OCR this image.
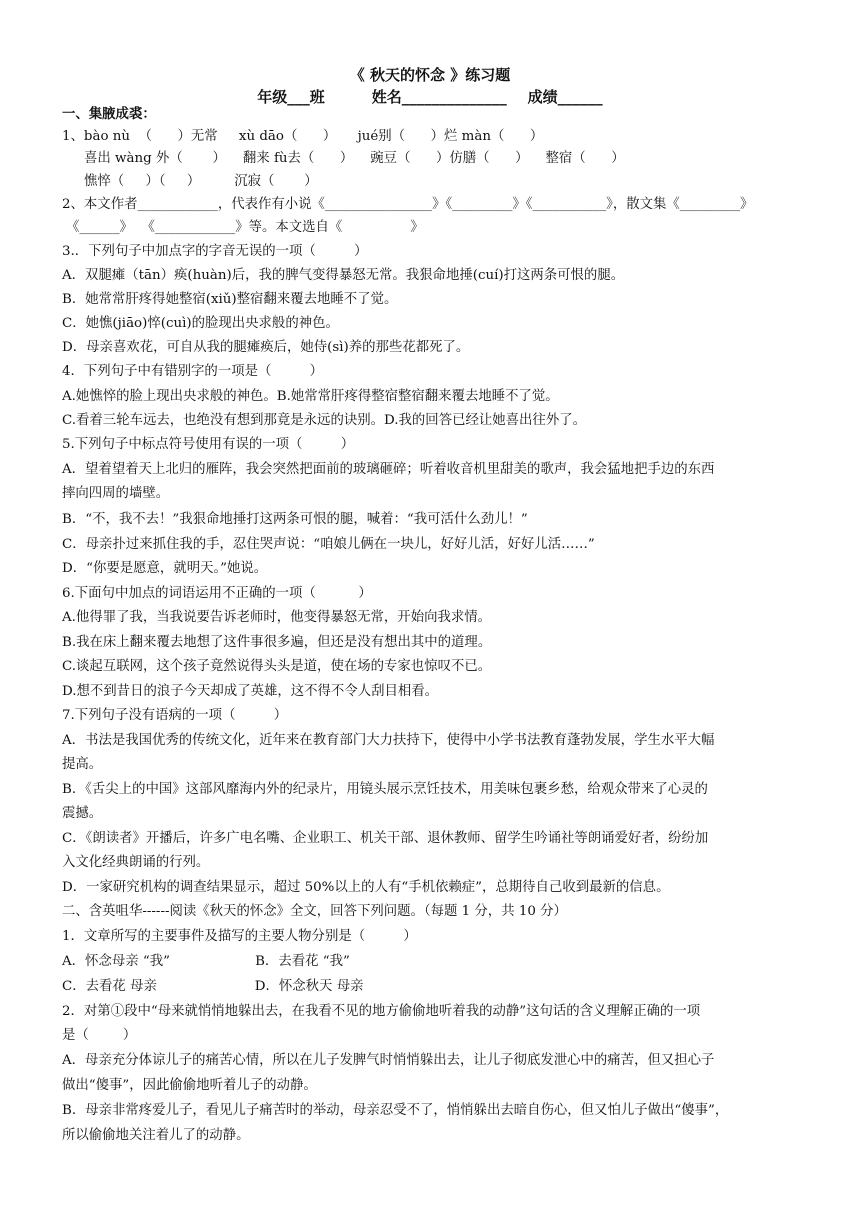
《 秋天的怀念 》练习题
年级___班         姓名______________    成绩______
一、集腋成裘：
1、bào nù  （      ）无常     xù dāo（      ）     jué别（      ）烂 màn（      ）
喜出 wàng 外（       ）    翻来 fù去（      ）    豌豆（      ）仿膳（      ）    整宿（      ）
憔悴（     ）（     ）        沉寂（       ）
2、本文作者____________，代表作有小说《________________》《_________》《___________》，散文集《_________》
《______》  《____________》等。本文选自《                》
3.．下列句子中加点字的字音无误的一项（         ）
A．双腿瘫（tān）痪(huàn)后，我的脾气变得暴怒无常。我狠命地捶(cuí)打这两条可恨的腿。
B．她常常肝疼得她整宿(xiǔ)整宿翻来覆去地睡不了觉。
C．她憔(jiāo)悴(cuì)的脸现出央求般的神色。
D．母亲喜欢花，可自从我的腿瘫痪后，她侍(sì)养的那些花都死了。
4．下列句子中有错别字的一项是（         ）
A.她憔悴的脸上现出央求般的神色。B.她常常肝疼得整宿整宿翻来覆去地睡不了觉。
C.看着三轮车远去，也绝没有想到那竟是永远的诀别。D.我的回答已经让她喜出往外了。
5.下列句子中标点符号使用有误的一项（         ）
A．望着望着天上北归的雁阵，我会突然把面前的玻璃砸碎；听着收音机里甜美的歌声，我会猛地把手边的东西
摔向四周的墙壁。
B．“不，我不去！”我狠命地捶打这两条可恨的腿，喊着：“我可活什么劲儿！”
C．母亲扑过来抓住我的手，忍住哭声说：“咱娘儿俩在一块儿，好好儿活，好好儿活……”
D．“你要是愿意，就明天。”她说。
6.下面句中加点的词语运用不正确的一项（          ）
A.他得罪了我，当我说要告诉老师时，他变得暴怒无常，开始向我求情。
B.我在床上翻来覆去地想了这件事很多遍，但还是没有想出其中的道理。
C.谈起互联网，这个孩子竟然说得头头是道，使在场的专家也惊叹不已。
D.想不到昔日的浪子今天却成了英雄，这不得不令人刮目相看。
7.下列句子没有语病的一项（         ）
A．书法是我国优秀的传统文化，近年来在教育部门大力扶持下，使得中小学书法教育蓬勃发展，学生水平大幅
提高。
B．《舌尖上的中国》这部风靡海内外的纪录片，用镜头展示烹饪技术，用美味包裹乡愁，给观众带来了心灵的
震撼。
C．《朗读者》开播后，许多广电名嘴、企业职工、机关干部、退休教师、留学生吟诵社等朗诵爱好者，纷纷加
入文化经典朗诵的行列。
D．一家研究机构的调查结果显示，超过 50%以上的人有“手机依赖症”，总期待自己收到最新的信息。
二、含英咀华------阅读《秋天的怀念》全文，回答下列问题。（每题 1 分，共 10 分）
1．文章所写的主要事件及描写的主要人物分别是（         ）
A．怀念母亲 “我”                    B．去看花 “我”
C．去看花 母亲                       D．怀念秋天 母亲
2．对第①段中“母来就悄悄地躲出去，在我看不见的地方偷偷地听着我的动静”这句话的含义理解正确的一项
是（        ）
A．母亲充分体谅儿子的痛苦心情，所以在儿子发脾气时悄悄躲出去，让儿子彻底发泄心中的痛苦，但又担心子
做出“傻事”，因此偷偷地听着儿子的动静。
B．母亲非常疼爱儿子，看见儿子痛苦时的举动，母亲忍受不了，悄悄躲出去暗自伤心，但又怕儿子做出“傻事”，
所以偷偷地关注着儿了的动静。
